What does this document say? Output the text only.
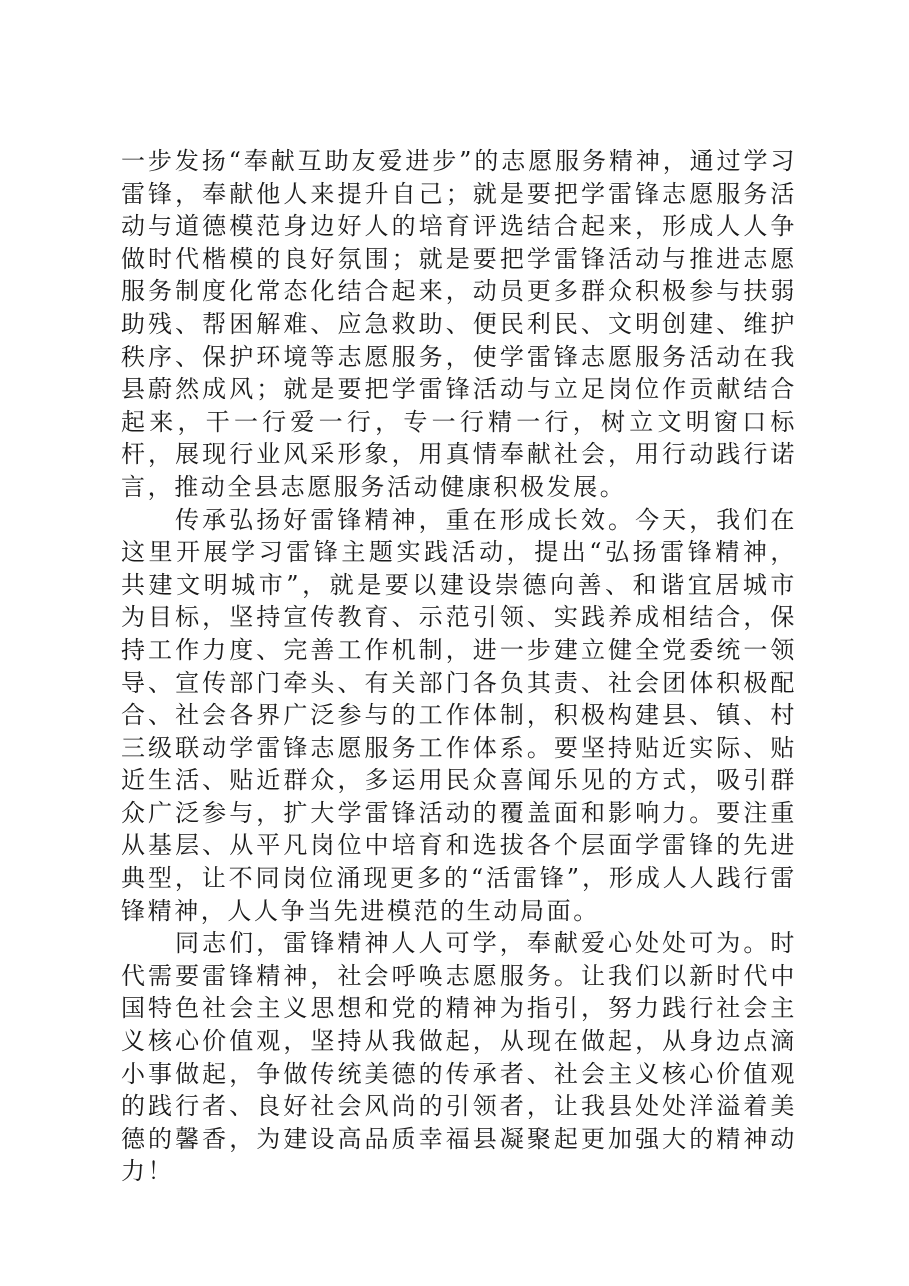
一步发扬“奉献互助友爱进步”的志愿服务精神，通过学习雷锋，奉献他人来提升自己；就是要把学雷锋志愿服务活动与道德模范身边好人的培育评选结合起来，形成人人争做时代楷模的良好氛围；就是要把学雷锋活动与推进志愿服务制度化常态化结合起来，动员更多群众积极参与扶弱助残、帮困解难、应急救助、便民利民、文明创建、维护秩序、保护环境等志愿服务，使学雷锋志愿服务活动在我县蔚然成风；就是要把学雷锋活动与立足岗位作贡献结合起来，干一行爱一行，专一行精一行，树立文明窗口标杆，展现行业风采形象，用真情奉献社会，用行动践行诺言，推动全县志愿服务活动健康积极发展。

传承弘扬好雷锋精神，重在形成长效。今天，我们在这里开展学习雷锋主题实践活动，提出“弘扬雷锋精神，共建文明城市”，就是要以建设崇德向善、和谐宜居城市为目标，坚持宣传教育、示范引领、实践养成相结合，保持工作力度、完善工作机制，进一步建立健全党委统一领导、宣传部门牵头、有关部门各负其责、社会团体积极配合、社会各界广泛参与的工作体制，积极构建县、镇、村三级联动学雷锋志愿服务工作体系。要坚持贴近实际、贴近生活、贴近群众，多运用民众喜闻乐见的方式，吸引群众广泛参与，扩大学雷锋活动的覆盖面和影响力。要注重从基层、从平凡岗位中培育和选拔各个层面学雷锋的先进典型，让不同岗位涌现更多的“活雷锋”，形成人人践行雷锋精神，人人争当先进模范的生动局面。

同志们，雷锋精神人人可学，奉献爱心处处可为。时代需要雷锋精神，社会呼唤志愿服务。让我们以新时代中国特色社会主义思想和党的精神为指引，努力践行社会主义核心价值观，坚持从我做起，从现在做起，从身边点滴小事做起，争做传统美德的传承者、社会主义核心价值观的践行者、良好社会风尚的引领者，让我县处处洋溢着美德的馨香，为建设高品质幸福县凝聚起更加强大的精神动力！
